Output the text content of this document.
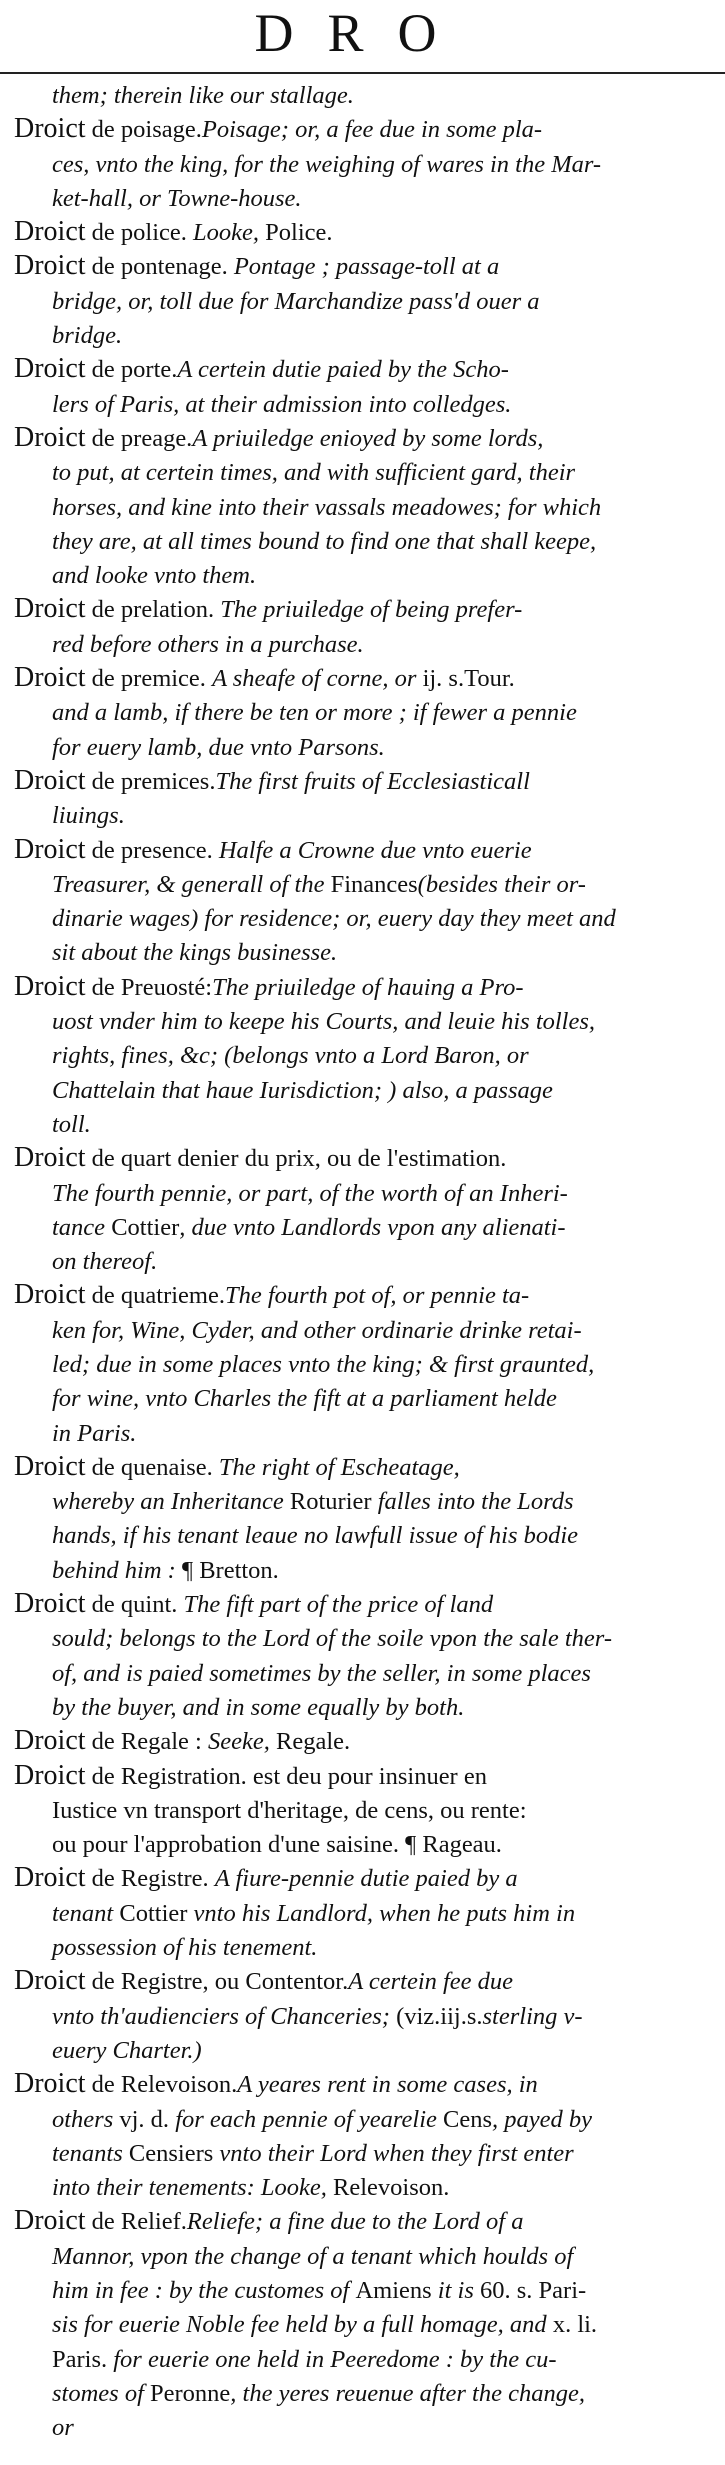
DRO
them; therein like our stallage.
Droict de poisage.Poisage; or, a fee due in some pla-
ces, vnto the king, for the weighing of wares in the Mar-
ket-hall, or Towne-house.
Droict de police. Looke, Police.
Droict de pontenage. Pontage ; passage-toll at a
bridge, or, toll due for Marchandize pass'd ouer a
bridge.
Droict de porte.A certein dutie paied by the Scho-
lers of Paris, at their admission into colledges.
Droict de preage.A priuiledge enioyed by some lords,
to put, at certein times, and with sufficient gard, their
horses, and kine into their vassals meadowes; for which
they are, at all times bound to find one that shall keepe,
and looke vnto them.
Droict de prelation. The priuiledge of being prefer-
red before others in a purchase.
Droict de premice. A sheafe of corne, or ij. s.Tour.
and a lamb, if there be ten or more ; if fewer a pennie
for euery lamb, due vnto Parsons.
Droict de premices.The first fruits of Ecclesiasticall
liuings.
Droict de presence. Halfe a Crowne due vnto euerie
Treasurer, & generall of the Finances(besides their or-
dinarie wages) for residence; or, euery day they meet and
sit about the kings businesse.
Droict de Preuosté:The priuiledge of hauing a Pro-
uost vnder him to keepe his Courts, and leuie his tolles,
rights, fines, &c; (belongs vnto a Lord Baron, or
Chattelain that haue Iurisdiction; ) also, a passage
toll.
Droict de quart denier du prix, ou de l'estimation.
The fourth pennie, or part, of the worth of an Inheri-
tance Cottier, due vnto Landlords vpon any alienati-
on thereof.
Droict de quatrieme.The fourth pot of, or pennie ta-
ken for, Wine, Cyder, and other ordinarie drinke retai-
led; due in some places vnto the king; & first graunted,
for wine, vnto Charles the fift at a parliament helde
in Paris.
Droict de quenaise. The right of Escheatage,
whereby an Inheritance Roturier falles into the Lords
hands, if his tenant leaue no lawfull issue of his bodie
behind him : ¶ Bretton.
Droict de quint. The fift part of the price of land
sould; belongs to the Lord of the soile vpon the sale ther-
of, and is paied sometimes by the seller, in some places
by the buyer, and in some equally by both.
Droict de Regale : Seeke, Regale.
Droict de Registration. est deu pour insinuer en
Iustice vn transport d'heritage, de cens, ou rente:
ou pour l'approbation d'une saisine. ¶ Rageau.
Droict de Registre. A fiure-pennie dutie paied by a
tenant Cottier vnto his Landlord, when he puts him in
possession of his tenement.
Droict de Registre, ou Contentor.A certein fee due
vnto th'audienciers of Chanceries; (viz.iij.s.sterling v-
euery Charter.)
Droict de Relevoison.A yeares rent in some cases, in
others vj. d. for each pennie of yearelie Cens, payed by
tenants Censiers vnto their Lord when they first enter
into their tenements: Looke, Relevoison.
Droict de Relief.Reliefe; a fine due to the Lord of a
Mannor, vpon the change of a tenant which houlds of
him in fee : by the customes of Amiens it is 60. s. Pari-
sis for euerie Noble fee held by a full homage, and x. li.
Paris. for euerie one held in Peeredome : by the cu-
stomes of Peronne, the yeres reuenue after the change,
or
